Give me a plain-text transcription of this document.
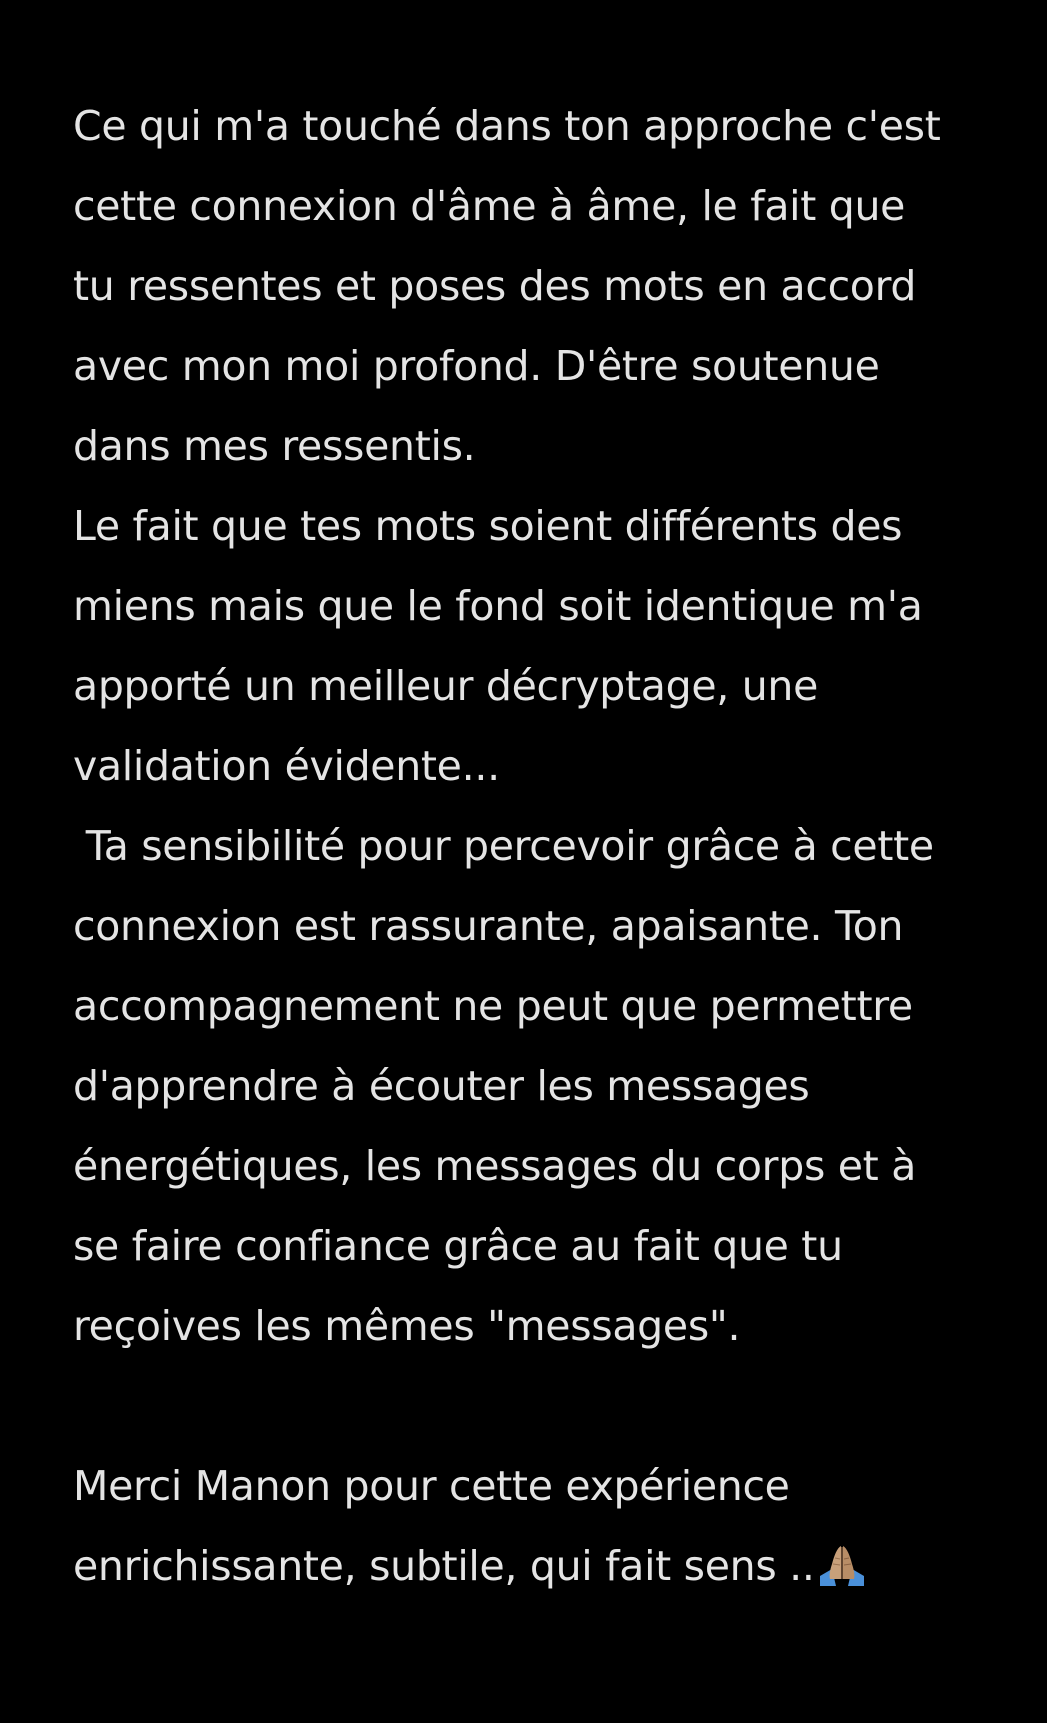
Ce qui m'a touché dans ton approche c'est
cette connexion d'âme à âme, le fait que
tu ressentes et poses des mots en accord
avec mon moi profond. D'être soutenue
dans mes ressentis.
Le fait que tes mots soient différents des
miens mais que le fond soit identique m'a
apporté un meilleur décryptage, une
validation évidente...
Ta sensibilité pour percevoir grâce à cette
connexion est rassurante, apaisante. Ton
accompagnement ne peut que permettre
d'apprendre à écouter les messages
énergétiques, les messages du corps et à
se faire confiance grâce au fait que tu
reçoives les mêmes "messages".
Merci Manon pour cette expérience
enrichissante, subtile, qui fait sens ..
